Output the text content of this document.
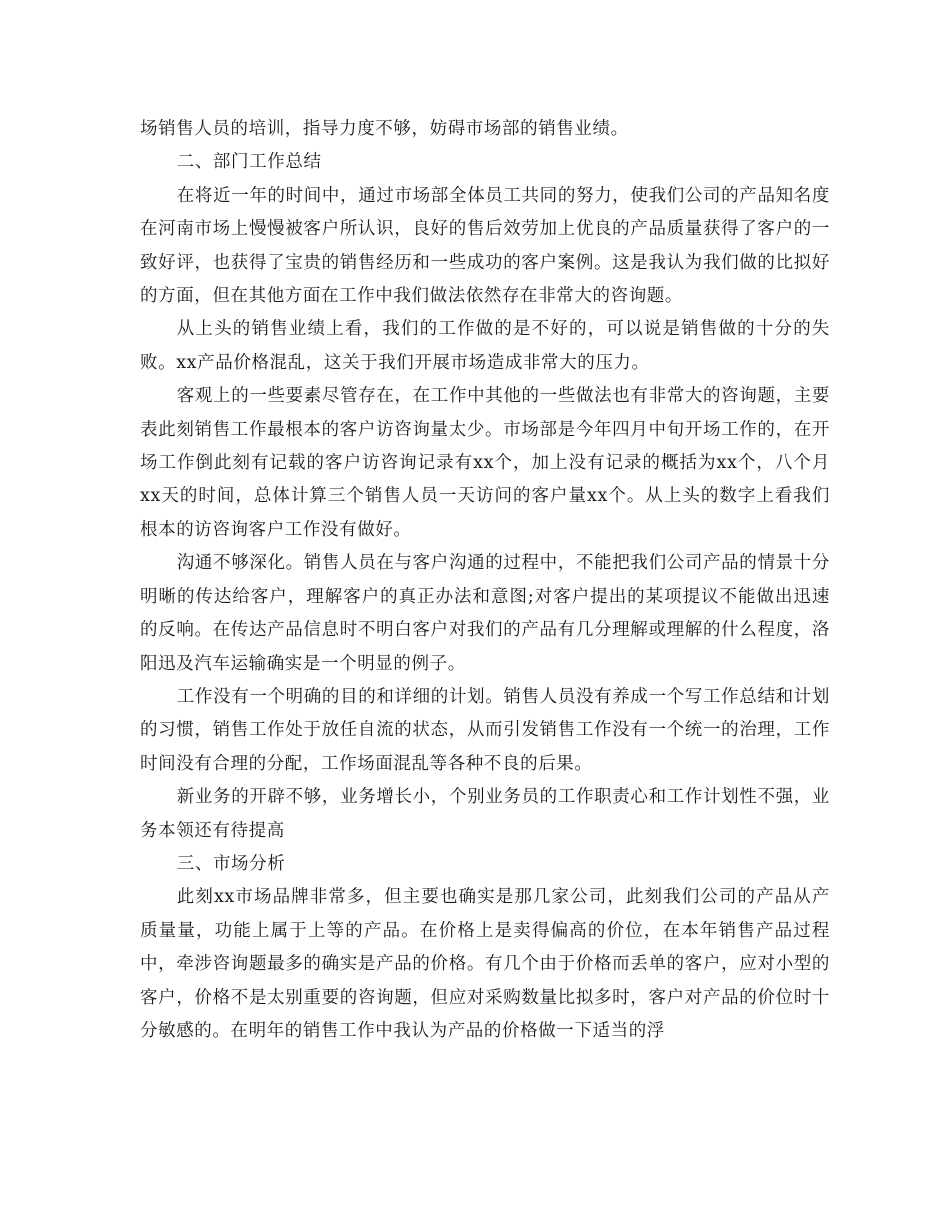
场销售人员的培训，指导力度不够，妨碍市场部的销售业绩。

二、部门工作总结

在将近一年的时间中，通过市场部全体员工共同的努力，使我们公司的产品知名度在河南市场上慢慢被客户所认识，良好的售后效劳加上优良的产品质量获得了客户的一致好评，也获得了宝贵的销售经历和一些成功的客户案例。这是我认为我们做的比拟好的方面，但在其他方面在工作中我们做法依然存在非常大的咨询题。

从上头的销售业绩上看，我们的工作做的是不好的，可以说是销售做的十分的失败。xx产品价格混乱，这关于我们开展市场造成非常大的压力。

客观上的一些要素尽管存在，在工作中其他的一些做法也有非常大的咨询题，主要表此刻销售工作最根本的客户访咨询量太少。市场部是今年四月中旬开场工作的，在开场工作倒此刻有记载的客户访咨询记录有xx个，加上没有记录的概括为xx个，八个月xx天的时间，总体计算三个销售人员一天访问的客户量xx个。从上头的数字上看我们根本的访咨询客户工作没有做好。

沟通不够深化。销售人员在与客户沟通的过程中，不能把我们公司产品的情景十分明晰的传达给客户，理解客户的真正办法和意图;对客户提出的某项提议不能做出迅速的反响。在传达产品信息时不明白客户对我们的产品有几分理解或理解的什么程度，洛阳迅及汽车运输确实是一个明显的例子。

工作没有一个明确的目的和详细的计划。销售人员没有养成一个写工作总结和计划的习惯，销售工作处于放任自流的状态，从而引发销售工作没有一个统一的治理，工作时间没有合理的分配，工作场面混乱等各种不良的后果。

新业务的开辟不够，业务增长小，个别业务员的工作职责心和工作计划性不强，业务本领还有待提高

三、市场分析

此刻xx市场品牌非常多，但主要也确实是那几家公司，此刻我们公司的产品从产质量量，功能上属于上等的产品。在价格上是卖得偏高的价位，在本年销售产品过程中，牵涉咨询题最多的确实是产品的价格。有几个由于价格而丢单的客户，应对小型的客户，价格不是太别重要的咨询题，但应对采购数量比拟多时，客户对产品的价位时十分敏感的。在明年的销售工作中我认为产品的价格做一下适当的浮
